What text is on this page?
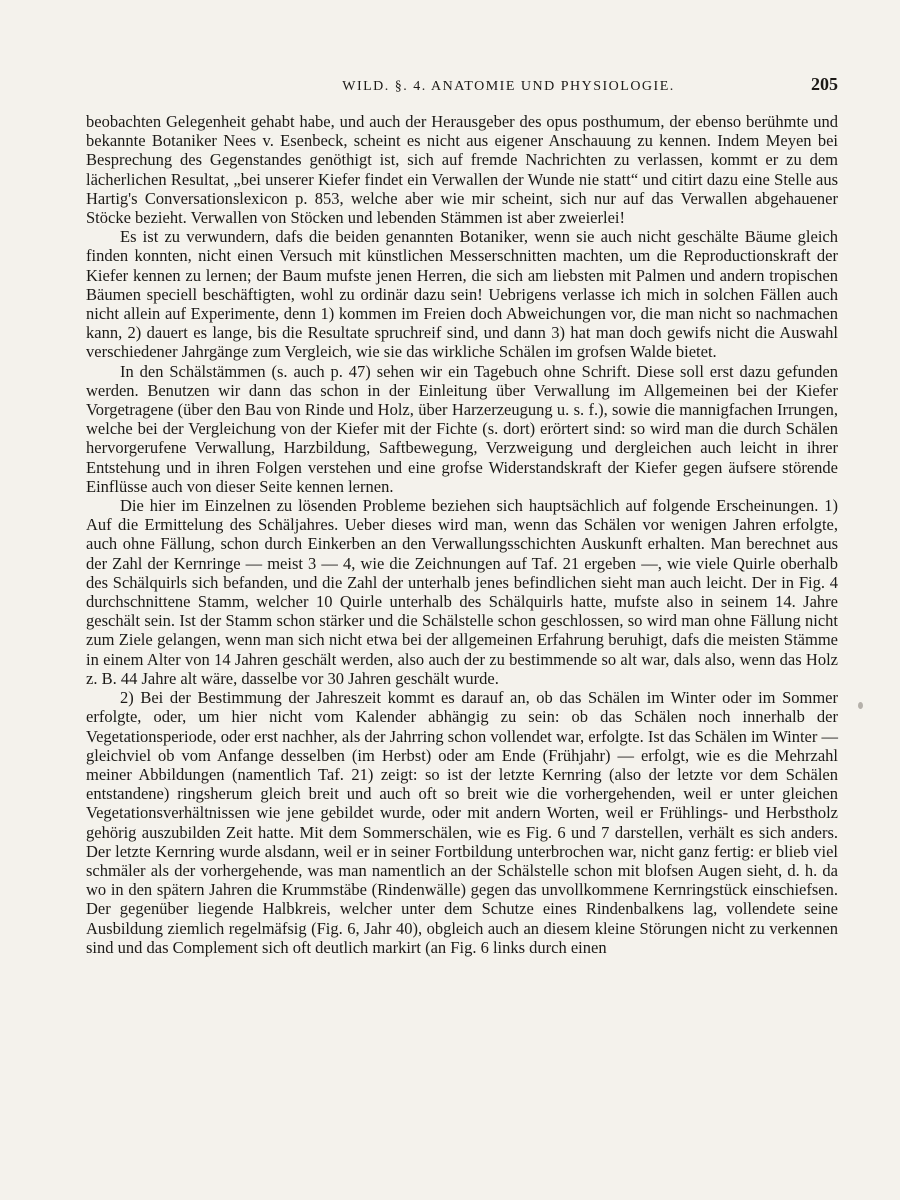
WILD. §. 4. ANATOMIE UND PHYSIOLOGIE.	205

beobachten Gelegenheit gehabt habe, und auch der Herausgeber des opus posthumum, der ebenso berühmte und bekannte Botaniker Nees v. Esenbeck, scheint es nicht aus eigener Anschauung zu kennen. Indem Meyen bei Besprechung des Gegenstandes genöthigt ist, sich auf fremde Nachrichten zu verlassen, kommt er zu dem lächerlichen Resultat, „bei unserer Kiefer findet ein Verwallen der Wunde nie statt“ und citirt dazu eine Stelle aus Hartig's Conversationslexicon p. 853, welche aber wie mir scheint, sich nur auf das Verwallen abgehauener Stöcke bezieht. Verwallen von Stöcken und lebenden Stämmen ist aber zweierlei!

Es ist zu verwundern, dafs die beiden genannten Botaniker, wenn sie auch nicht geschälte Bäume gleich finden konnten, nicht einen Versuch mit künstlichen Messerschnitten machten, um die Reproductionskraft der Kiefer kennen zu lernen; der Baum mufste jenen Herren, die sich am liebsten mit Palmen und andern tropischen Bäumen speciell beschäftigten, wohl zu ordinär dazu sein! Uebrigens verlasse ich mich in solchen Fällen auch nicht allein auf Experimente, denn 1) kommen im Freien doch Abweichungen vor, die man nicht so nachmachen kann, 2) dauert es lange, bis die Resultate spruchreif sind, und dann 3) hat man doch gewifs nicht die Auswahl verschiedener Jahrgänge zum Vergleich, wie sie das wirkliche Schälen im grofsen Walde bietet.

In den Schälstämmen (s. auch p. 47) sehen wir ein Tagebuch ohne Schrift. Diese soll erst dazu gefunden werden. Benutzen wir dann das schon in der Einleitung über Verwallung im Allgemeinen bei der Kiefer Vorgetragene (über den Bau von Rinde und Holz, über Harzerzeugung u. s. f.), sowie die mannigfachen Irrungen, welche bei der Vergleichung von der Kiefer mit der Fichte (s. dort) erörtert sind: so wird man die durch Schälen hervorgerufene Verwallung, Harzbildung, Saftbewegung, Verzweigung und dergleichen auch leicht in ihrer Entstehung und in ihren Folgen verstehen und eine grofse Widerstandskraft der Kiefer gegen äufsere störende Einflüsse auch von dieser Seite kennen lernen.

Die hier im Einzelnen zu lösenden Probleme beziehen sich hauptsächlich auf folgende Erscheinungen. 1) Auf die Ermittelung des Schäljahres. Ueber dieses wird man, wenn das Schälen vor wenigen Jahren erfolgte, auch ohne Fällung, schon durch Einkerben an den Verwallungsschichten Auskunft erhalten. Man berechnet aus der Zahl der Kernringe — meist 3 — 4, wie die Zeichnungen auf Taf. 21 ergeben —, wie viele Quirle oberhalb des Schälquirls sich befanden, und die Zahl der unterhalb jenes befindlichen sieht man auch leicht. Der in Fig. 4 durchschnittene Stamm, welcher 10 Quirle unterhalb des Schälquirls hatte, mufste also in seinem 14. Jahre geschält sein. Ist der Stamm schon stärker und die Schälstelle schon geschlossen, so wird man ohne Fällung nicht zum Ziele gelangen, wenn man sich nicht etwa bei der allgemeinen Erfahrung beruhigt, dafs die meisten Stämme in einem Alter von 14 Jahren geschält werden, also auch der zu bestimmende so alt war, dals also, wenn das Holz z. B. 44 Jahre alt wäre, dasselbe vor 30 Jahren geschält wurde.

2) Bei der Bestimmung der Jahreszeit kommt es darauf an, ob das Schälen im Winter oder im Sommer erfolgte, oder, um hier nicht vom Kalender abhängig zu sein: ob das Schälen noch innerhalb der Vegetationsperiode, oder erst nachher, als der Jahrring schon vollendet war, erfolgte. Ist das Schälen im Winter — gleichviel ob vom Anfange desselben (im Herbst) oder am Ende (Frühjahr) — erfolgt, wie es die Mehrzahl meiner Abbildungen (namentlich Taf. 21) zeigt: so ist der letzte Kernring (also der letzte vor dem Schälen entstandene) ringsherum gleich breit und auch oft so breit wie die vorhergehenden, weil er unter gleichen Vegetationsverhältnissen wie jene gebildet wurde, oder mit andern Worten, weil er Frühlings- und Herbstholz gehörig auszubilden Zeit hatte. Mit dem Sommerschälen, wie es Fig. 6 und 7 darstellen, verhält es sich anders. Der letzte Kernring wurde alsdann, weil er in seiner Fortbildung unterbrochen war, nicht ganz fertig: er blieb viel schmäler als der vorhergehende, was man namentlich an der Schälstelle schon mit blofsen Augen sieht, d. h. da wo in den spätern Jahren die Krummstäbe (Rindenwälle) gegen das unvollkommene Kernringstück einschiefsen. Der gegenüber liegende Halbkreis, welcher unter dem Schutze eines Rindenbalkens lag, vollendete seine Ausbildung ziemlich regelmäfsig (Fig. 6, Jahr 40), obgleich auch an diesem kleine Störungen nicht zu verkennen sind und das Complement sich oft deutlich markirt (an Fig. 6 links durch einen
